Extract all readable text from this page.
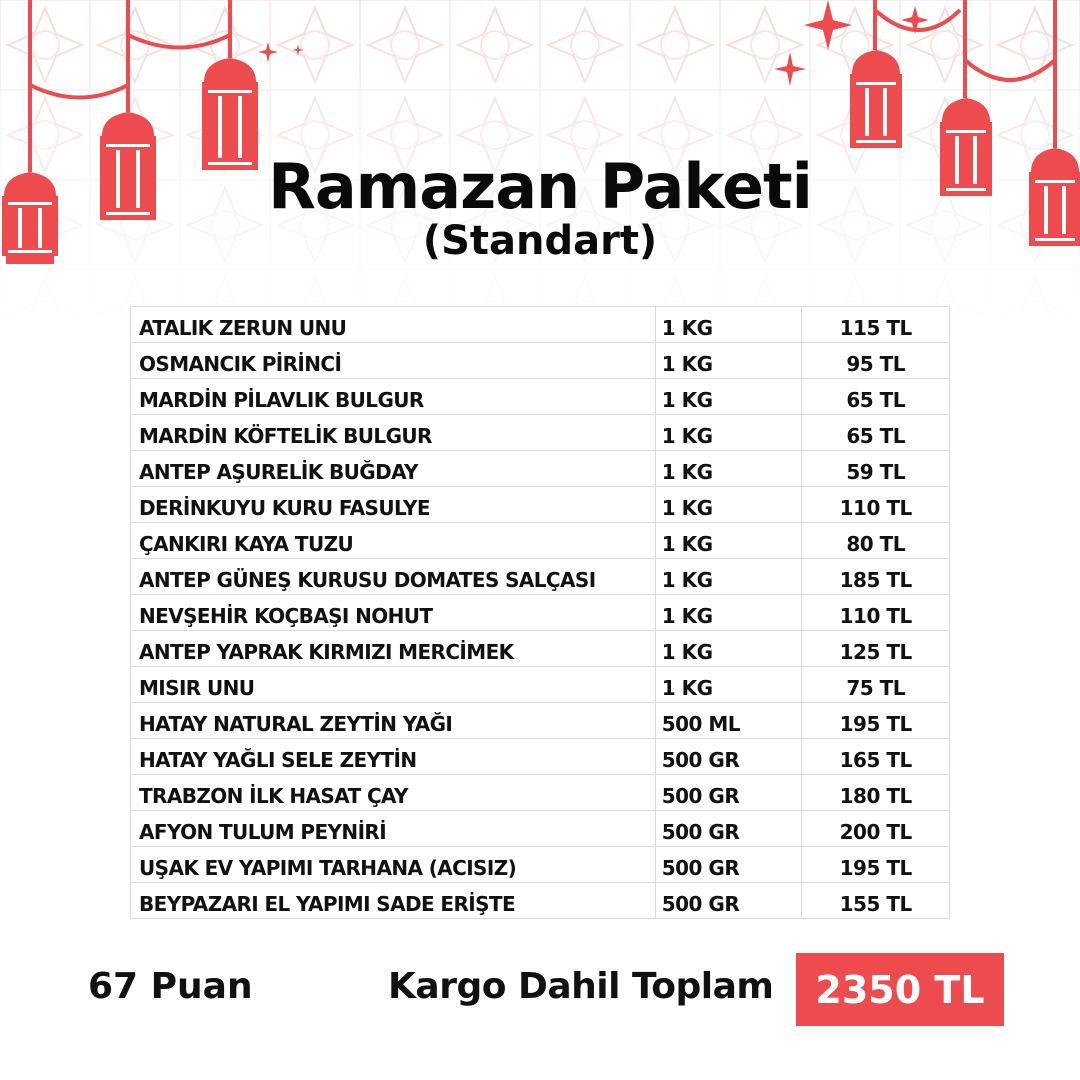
Ramazan Paketi
(Standart)
ATALIK ZERUN UNU	1 KG	115 TL
OSMANCIK PİRİNCİ	1 KG	95 TL
MARDİN PİLAVLIK BULGUR	1 KG	65 TL
MARDİN KÖFTELİK BULGUR	1 KG	65 TL
ANTEP AŞURELİK BUĞDAY	1 KG	59 TL
DERİNKUYU KURU FASULYE	1 KG	110 TL
ÇANKIRI KAYA TUZU	1 KG	80 TL
ANTEP GÜNEŞ KURUSU DOMATES SALÇASI	1 KG	185 TL
NEVŞEHİR KOÇBAŞI NOHUT	1 KG	110 TL
ANTEP YAPRAK KIRMIZI MERCİMEK	1 KG	125 TL
MISIR UNU	1 KG	75 TL
HATAY NATURAL ZEYTİN YAĞI	500 ML	195 TL
HATAY YAĞLI SELE ZEYTİN	500 GR	165 TL
TRABZON İLK HASAT ÇAY	500 GR	180 TL
AFYON TULUM PEYNİRİ	500 GR	200 TL
UŞAK EV YAPIMI TARHANA (ACISIZ)	500 GR	195 TL
BEYPAZARI EL YAPIMI SADE ERİŞTE	500 GR	155 TL
67 Puan	Kargo Dahil Toplam 2350 TL
